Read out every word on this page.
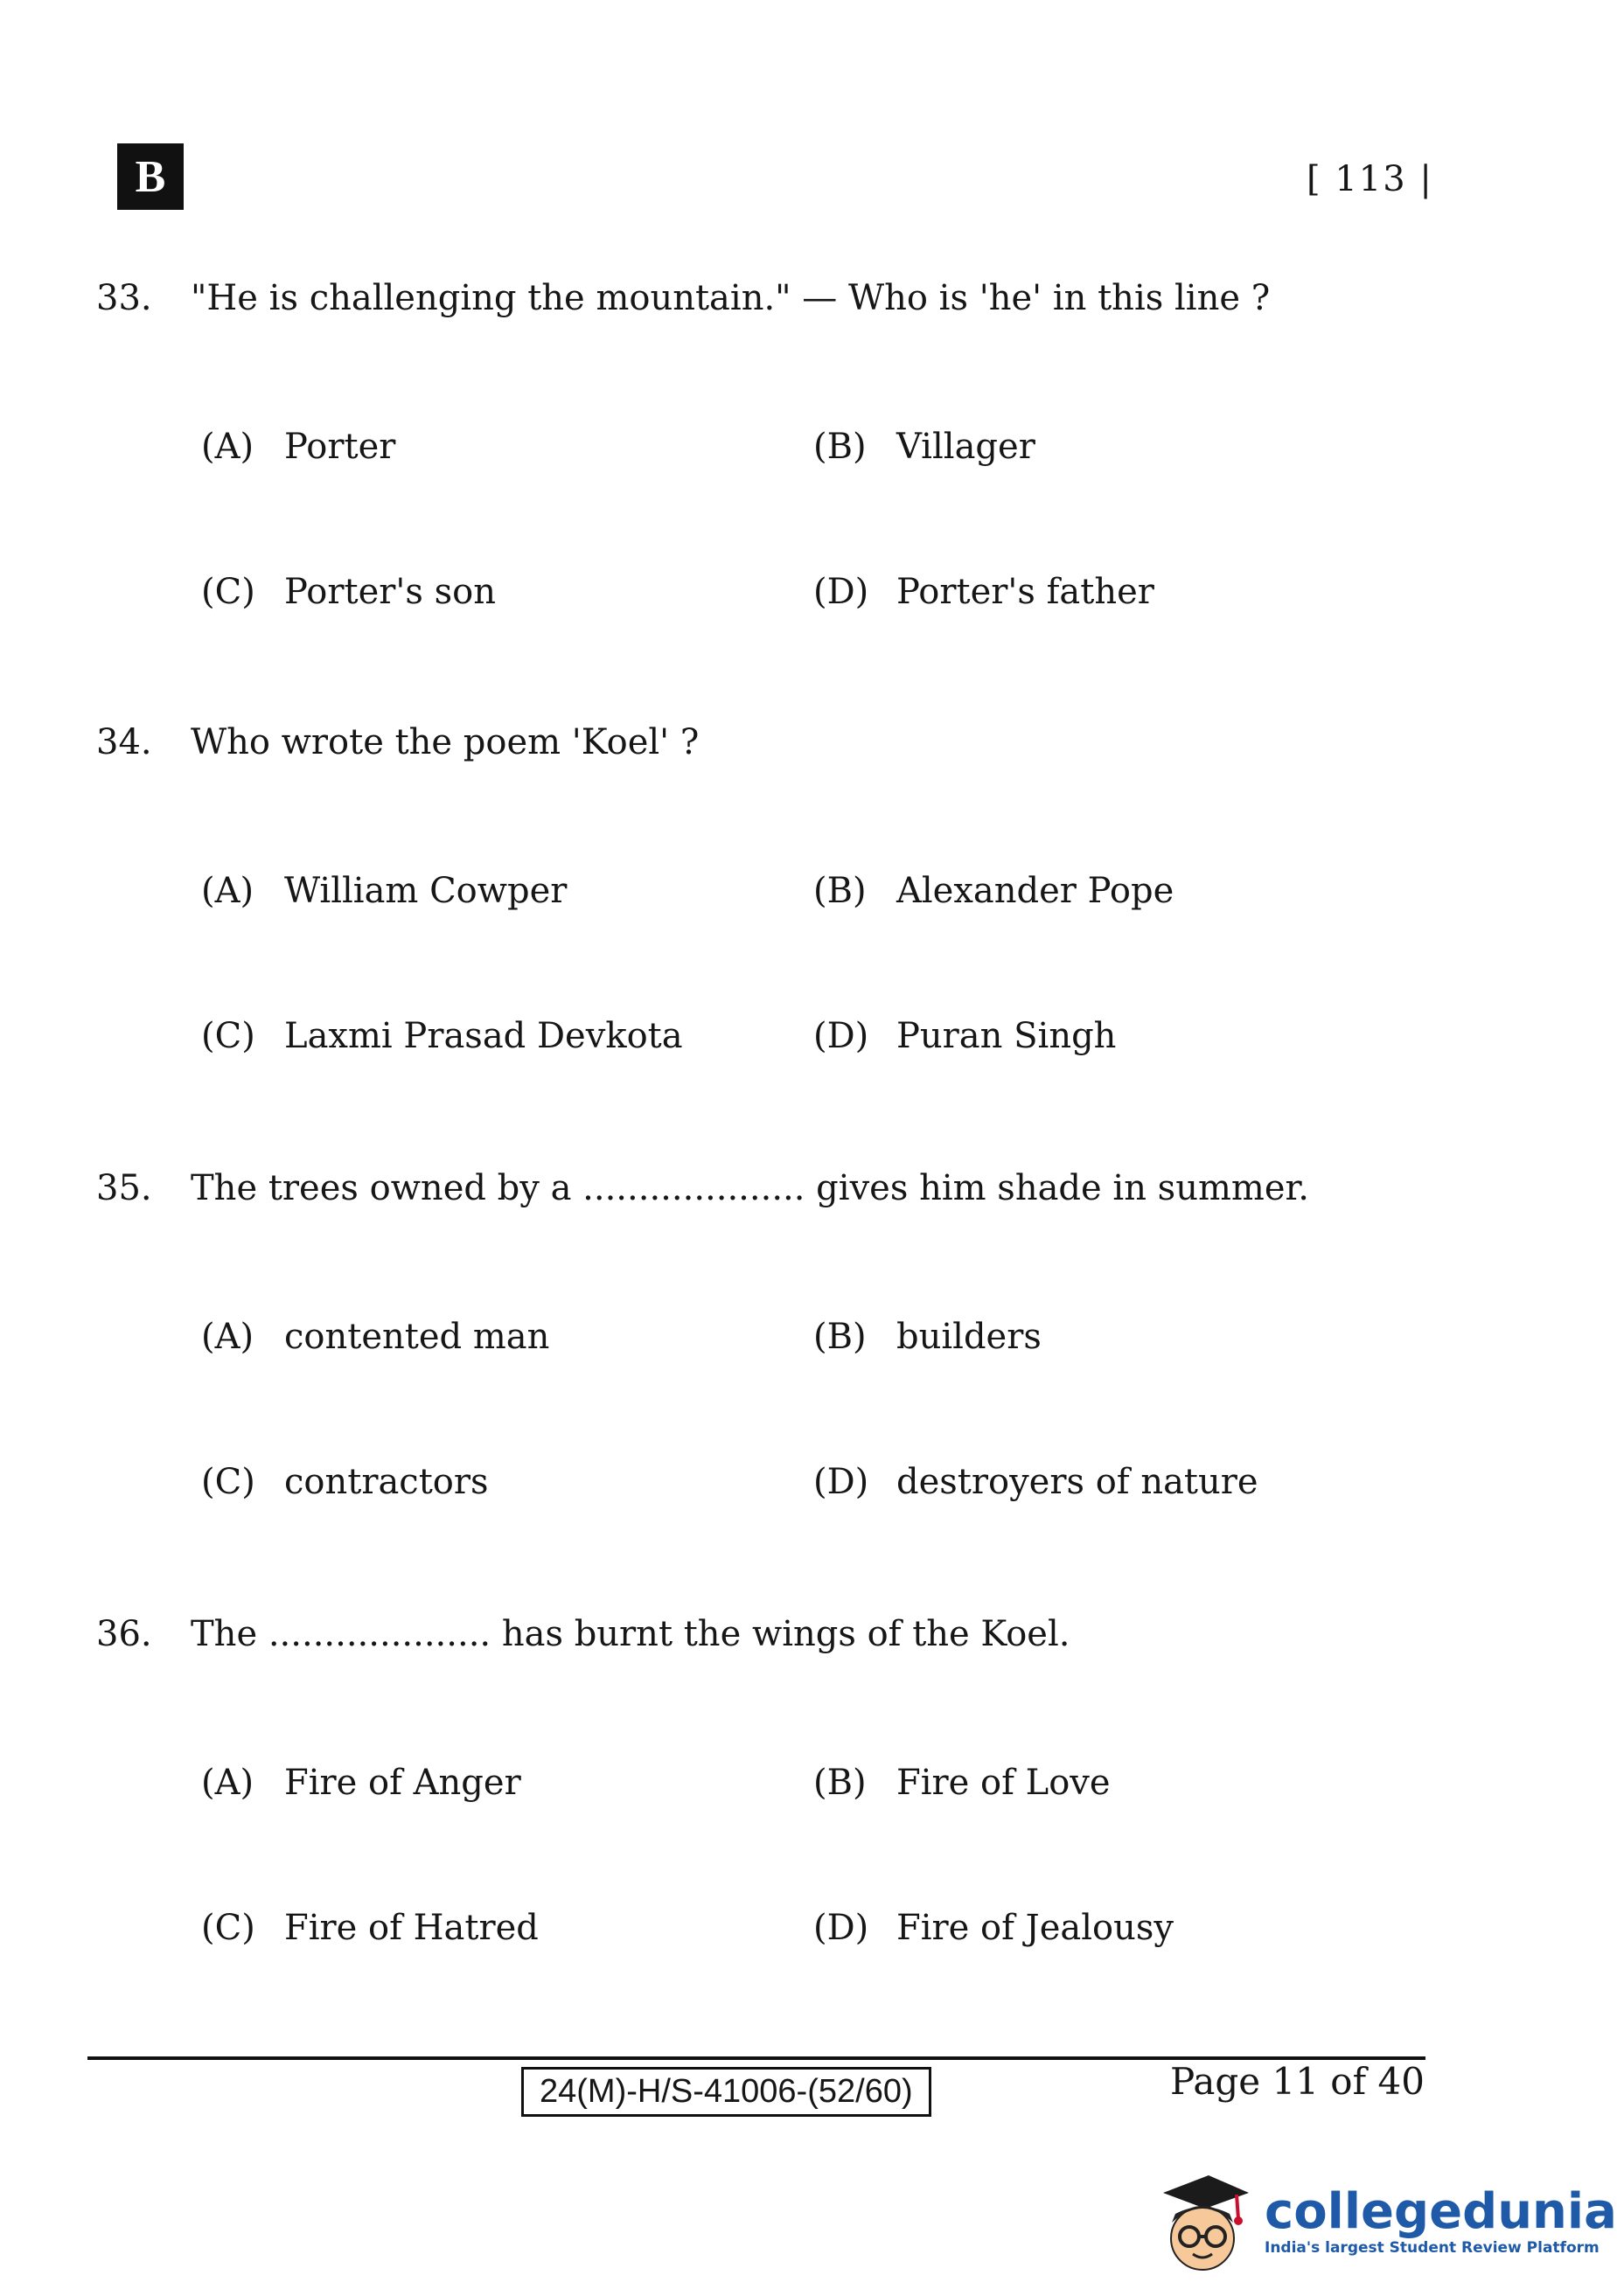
B	[ 113 |
33.	"He is challenging the mountain." — Who is 'he' in this line ?
(A) Porter	(B) Villager
(C) Porter's son	(D) Porter's father
34.	Who wrote the poem 'Koel' ?
(A) William Cowper	(B) Alexander Pope
(C) Laxmi Prasad Devkota	(D) Puran Singh
35.	The trees owned by a .................... gives him shade in summer.
(A) contented man	(B) builders
(C) contractors	(D) destroyers of nature
36.	The .................... has burnt the wings of the Koel.
(A) Fire of Anger	(B) Fire of Love
(C) Fire of Hatred	(D) Fire of Jealousy
24(M)-H/S-41006-(52/60)	Page 11 of 40
collegedunia
India's largest Student Review Platform
